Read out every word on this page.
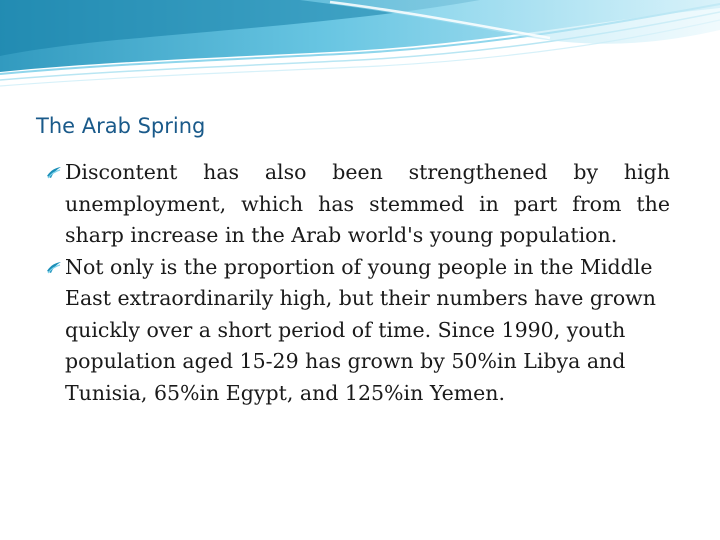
The Arab Spring
Discontent has also been strengthened by high unemployment, which has stemmed in part from the sharp increase in the Arab world's young population.
Not only is the proportion of young people in the Middle East extraordinarily high, but their numbers have grown quickly over a short period of time. Since 1990, youth population aged 15-29 has grown by 50%in Libya and Tunisia, 65%in Egypt, and 125%in Yemen.
